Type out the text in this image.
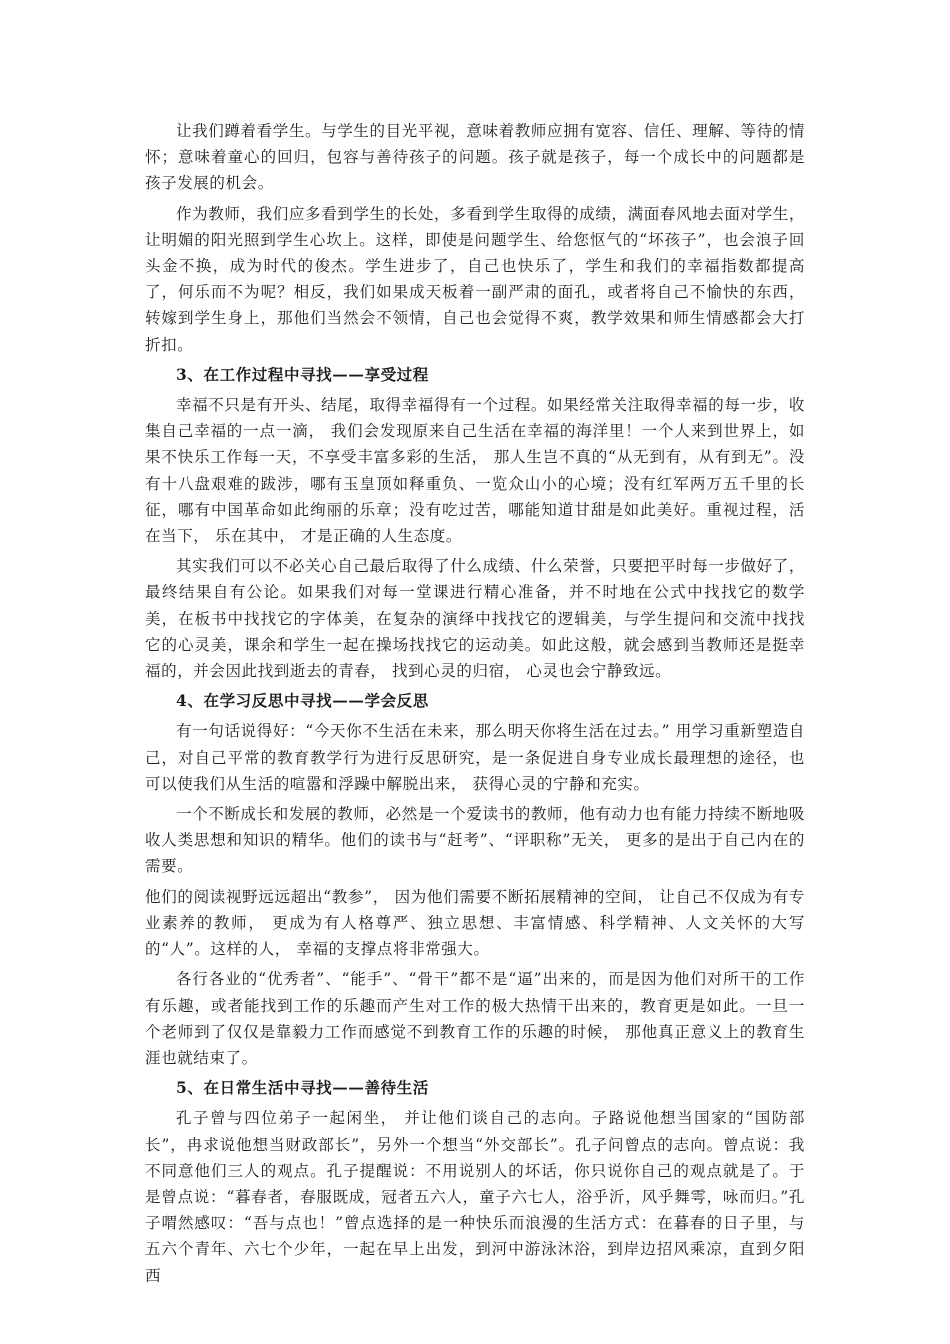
让我们蹲着看学生。与学生的目光平视，意味着教师应拥有宽容、信任、理解、等待的情怀；意味着童心的回归，包容与善待孩子的问题。孩子就是孩子，每一个成长中的问题都是孩子发展的机会。

作为教师，我们应多看到学生的长处，多看到学生取得的成绩，满面春风地去面对学生，让明媚的阳光照到学生心坎上。这样，即使是问题学生、给您怄气的“坏孩子”，也会浪子回头金不换，成为时代的俊杰。学生进步了，自己也快乐了，学生和我们的幸福指数都提高了，何乐而不为呢？相反，我们如果成天板着一副严肃的面孔，或者将自己不愉快的东西，转嫁到学生身上，那他们当然会不领情，自己也会觉得不爽，教学效果和师生情感都会大打折扣。

3、在工作过程中寻找——享受过程

幸福不只是有开头、结尾，取得幸福得有一个过程。如果经常关注取得幸福的每一步，收集自己幸福的一点一滴， 我们会发现原来自己生活在幸福的海洋里！一个人来到世界上，如果不快乐工作每一天，不享受丰富多彩的生活， 那人生岂不真的“从无到有，从有到无”。没有十八盘艰难的跋涉，哪有玉皇顶如释重负、一览众山小的心境；没有红军两万五千里的长征，哪有中国革命如此绚丽的乐章；没有吃过苦，哪能知道甘甜是如此美好。重视过程，活在当下， 乐在其中， 才是正确的人生态度。

其实我们可以不必关心自己最后取得了什么成绩、什么荣誉，只要把平时每一步做好了，最终结果自有公论。如果我们对每一堂课进行精心准备，并不时地在公式中找找它的数学美，在板书中找找它的字体美，在复杂的演绎中找找它的逻辑美，与学生提问和交流中找找它的心灵美，课余和学生一起在操场找找它的运动美。如此这般，就会感到当教师还是挺幸福的，并会因此找到逝去的青春， 找到心灵的归宿， 心灵也会宁静致远。

4、在学习反思中寻找——学会反思

有一句话说得好：“今天你不生活在未来，那么明天你将生活在过去。” 用学习重新塑造自己，对自己平常的教育教学行为进行反思研究，是一条促进自身专业成长最理想的途径，也可以使我们从生活的喧嚣和浮躁中解脱出来， 获得心灵的宁静和充实。

一个不断成长和发展的教师，必然是一个爱读书的教师，他有动力也有能力持续不断地吸收人类思想和知识的精华。他们的读书与“赶考”、“评职称”无关， 更多的是出于自己内在的需要。

他们的阅读视野远远超出“教参”， 因为他们需要不断拓展精神的空间， 让自己不仅成为有专业素养的教师， 更成为有人格尊严、独立思想、丰富情感、科学精神、人文关怀的大写的“人”。这样的人， 幸福的支撑点将非常强大。

各行各业的“优秀者”、“能手”、“骨干”都不是“逼”出来的，而是因为他们对所干的工作有乐趣，或者能找到工作的乐趣而产生对工作的极大热情干出来的，教育更是如此。一旦一个老师到了仅仅是靠毅力工作而感觉不到教育工作的乐趣的时候， 那他真正意义上的教育生涯也就结束了。

5、在日常生活中寻找——善待生活

孔子曾与四位弟子一起闲坐， 并让他们谈自己的志向。子路说他想当国家的“国防部长”，冉求说他想当财政部长”，另外一个想当“外交部长”。孔子问曾点的志向。曾点说：我不同意他们三人的观点。孔子提醒说：不用说别人的坏话，你只说你自己的观点就是了。于是曾点说：“暮春者，春服既成，冠者五六人，童子六七人，浴乎沂，风乎舞雩，咏而归。”孔子喟然感叹：“吾与点也！”曾点选择的是一种快乐而浪漫的生活方式：在暮春的日子里，与五六个青年、六七个少年，一起在早上出发，到河中游泳沐浴，到岸边招风乘凉，直到夕阳西
